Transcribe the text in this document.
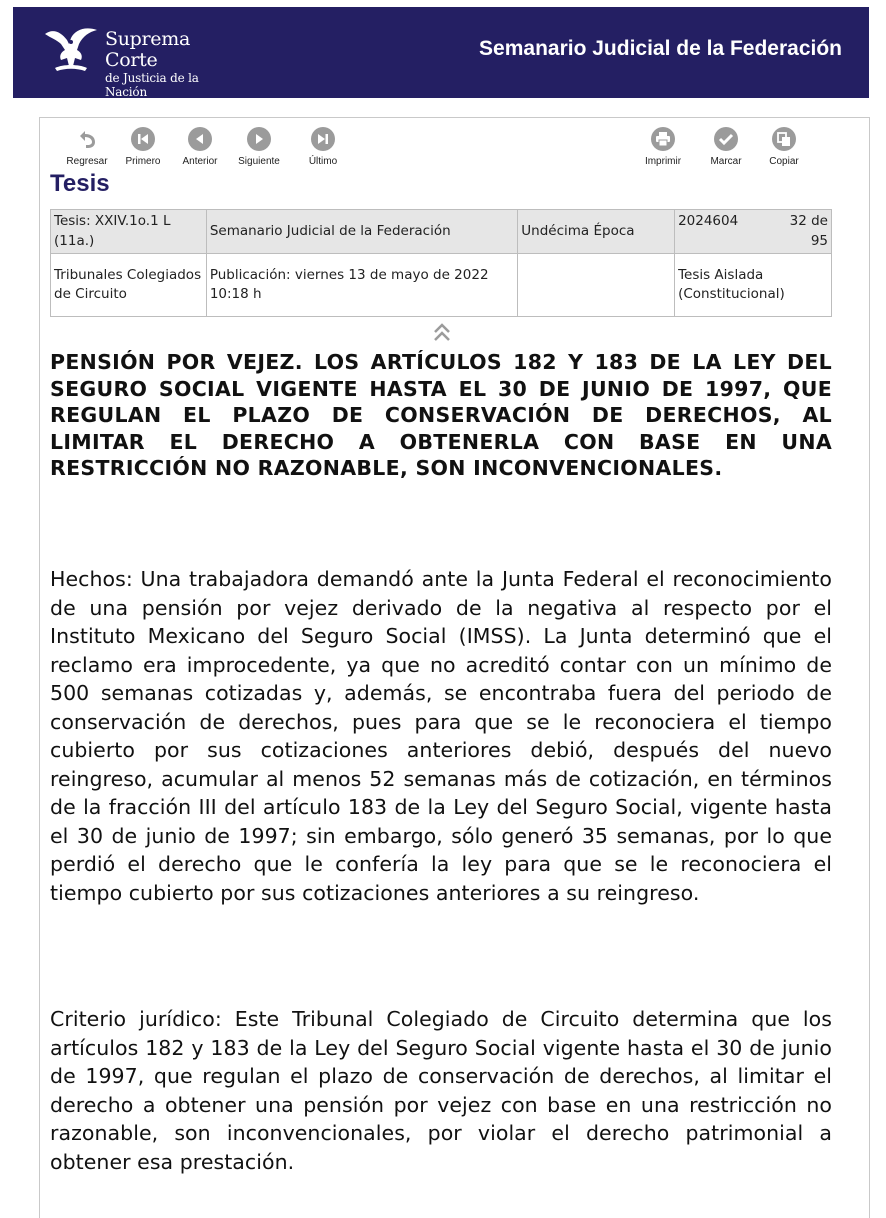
Suprema Corte
de Justicia de la Nación
Semanario Judicial de la Federación
Regresar	Primero	Anterior	Siguiente	Último	Imprimir	Marcar	Copiar
Tesis
Tesis: XXIV.1o.1 L (11a.)	Semanario Judicial de la Federación	Undécima Época	2024604 32 de 95

Tribunales Colegiados de Circuito	Publicación: viernes 13 de mayo de 2022 10:18 h		Tesis Aislada (Constitucional)
PENSIÓN POR VEJEZ. LOS ARTÍCULOS 182 Y 183 DE LA LEY DEL SEGURO SOCIAL VIGENTE HASTA EL 30 DE JUNIO DE 1997, QUE REGULAN EL PLAZO DE CONSERVACIÓN DE DERECHOS, AL LIMITAR EL DERECHO A OBTENERLA CON BASE EN UNA RESTRICCIÓN NO RAZONABLE, SON INCONVENCIONALES.
Hechos: Una trabajadora demandó ante la Junta Federal el reconocimiento de una pensión por vejez derivado de la negativa al respecto por el Instituto Mexicano del Seguro Social (IMSS). La Junta determinó que el reclamo era improcedente, ya que no acreditó contar con un mínimo de 500 semanas cotizadas y, además, se encontraba fuera del periodo de conservación de derechos, pues para que se le reconociera el tiempo cubierto por sus cotizaciones anteriores debió, después del nuevo reingreso, acumular al menos 52 semanas más de cotización, en términos de la fracción III del artículo 183 de la Ley del Seguro Social, vigente hasta el 30 de junio de 1997; sin embargo, sólo generó 35 semanas, por lo que perdió el derecho que le confería la ley para que se le reconociera el tiempo cubierto por sus cotizaciones anteriores a su reingreso.
Criterio jurídico: Este Tribunal Colegiado de Circuito determina que los artículos 182 y 183 de la Ley del Seguro Social vigente hasta el 30 de junio de 1997, que regulan el plazo de conservación de derechos, al limitar el derecho a obtener una pensión por vejez con base en una restricción no razonable, son inconvencionales, por violar el derecho patrimonial a obtener esa prestación.
